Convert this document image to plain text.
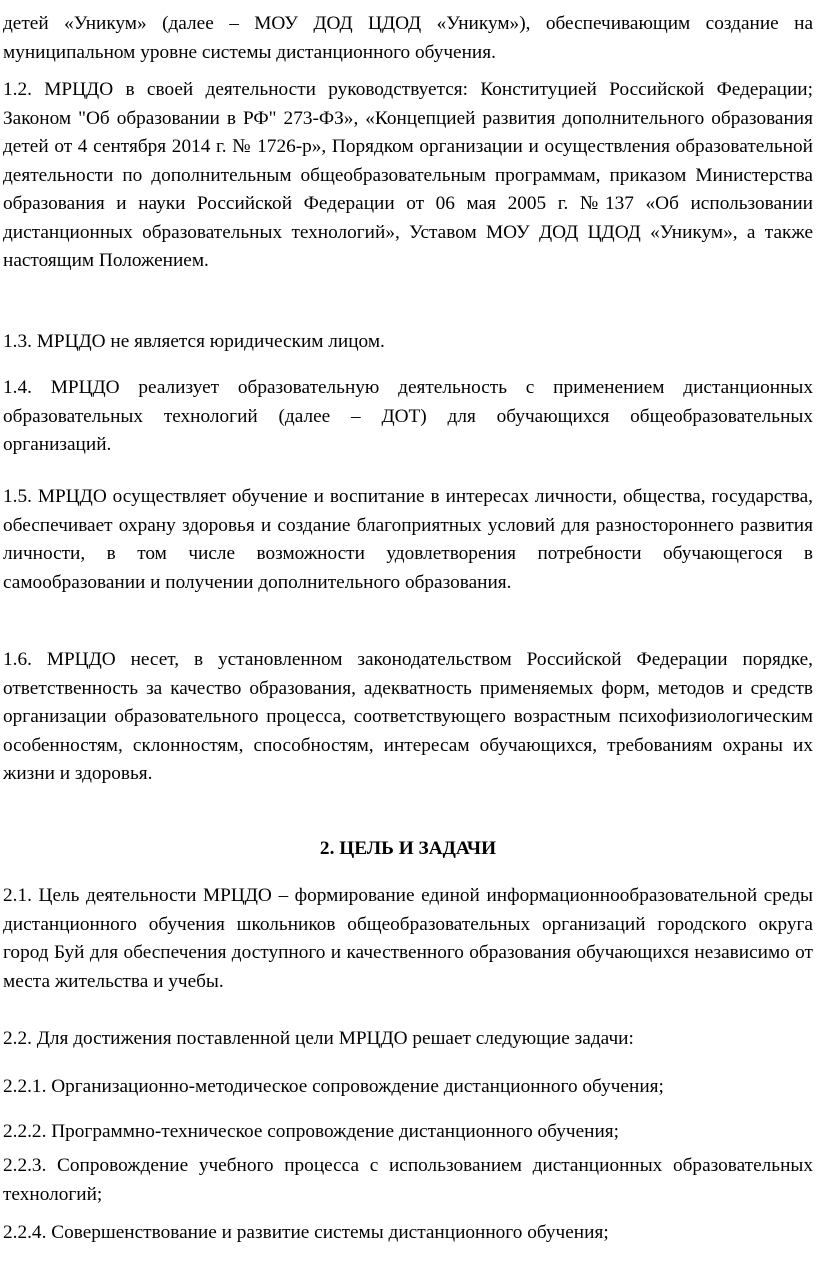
детей «Уникум» (далее – МОУ ДОД ЦДОД «Уникум»), обеспечивающим создание на муниципальном уровне системы дистанционного обучения.

1.2. МРЦДО в своей деятельности руководствуется: Конституцией Российской Федерации; Законом "Об образовании в РФ" 273-ФЗ», «Концепцией развития дополнительного образования детей от 4 сентября 2014 г. № 1726-р», Порядком организации и осуществления образовательной деятельности по дополнительным общеобразовательным программам, приказом Министерства образования и науки Российской Федерации от 06 мая 2005 г. №137 «Об использовании дистанционных образовательных технологий», Уставом МОУ ДОД ЦДОД «Уникум», а также настоящим Положением.

1.3. МРЦДО не является юридическим лицом.

1.4. МРЦДО реализует образовательную деятельность с применением дистанционных образовательных технологий (далее – ДОТ) для обучающихся общеобразовательных организаций.

1.5. МРЦДО осуществляет обучение и воспитание в интересах личности, общества, государства, обеспечивает охрану здоровья и создание благоприятных условий для разностороннего развития личности, в том числе возможности удовлетворения потребности обучающегося в самообразовании и получении дополнительного образования.

1.6. МРЦДО несет, в установленном законодательством Российской Федерации порядке, ответственность за качество образования, адекватность применяемых форм, методов и средств организации образовательного процесса, соответствующего возрастным психофизиологическим особенностям, склонностям, способностям, интересам обучающихся, требованиям охраны их жизни и здоровья.

2. ЦЕЛЬ И ЗАДАЧИ

2.1. Цель деятельности МРЦДО – формирование единой информационнообразовательной среды дистанционного обучения школьников общеобразовательных организаций городского округа город Буй для обеспечения доступного и качественного образования обучающихся независимо от места жительства и учебы.

2.2. Для достижения поставленной цели МРЦДО решает следующие задачи:

2.2.1. Организационно-методическое сопровождение дистанционного обучения;

2.2.2. Программно-техническое сопровождение дистанционного обучения;

2.2.3. Сопровождение учебного процесса с использованием дистанционных образовательных технологий;

2.2.4. Совершенствование и развитие системы дистанционного обучения;
